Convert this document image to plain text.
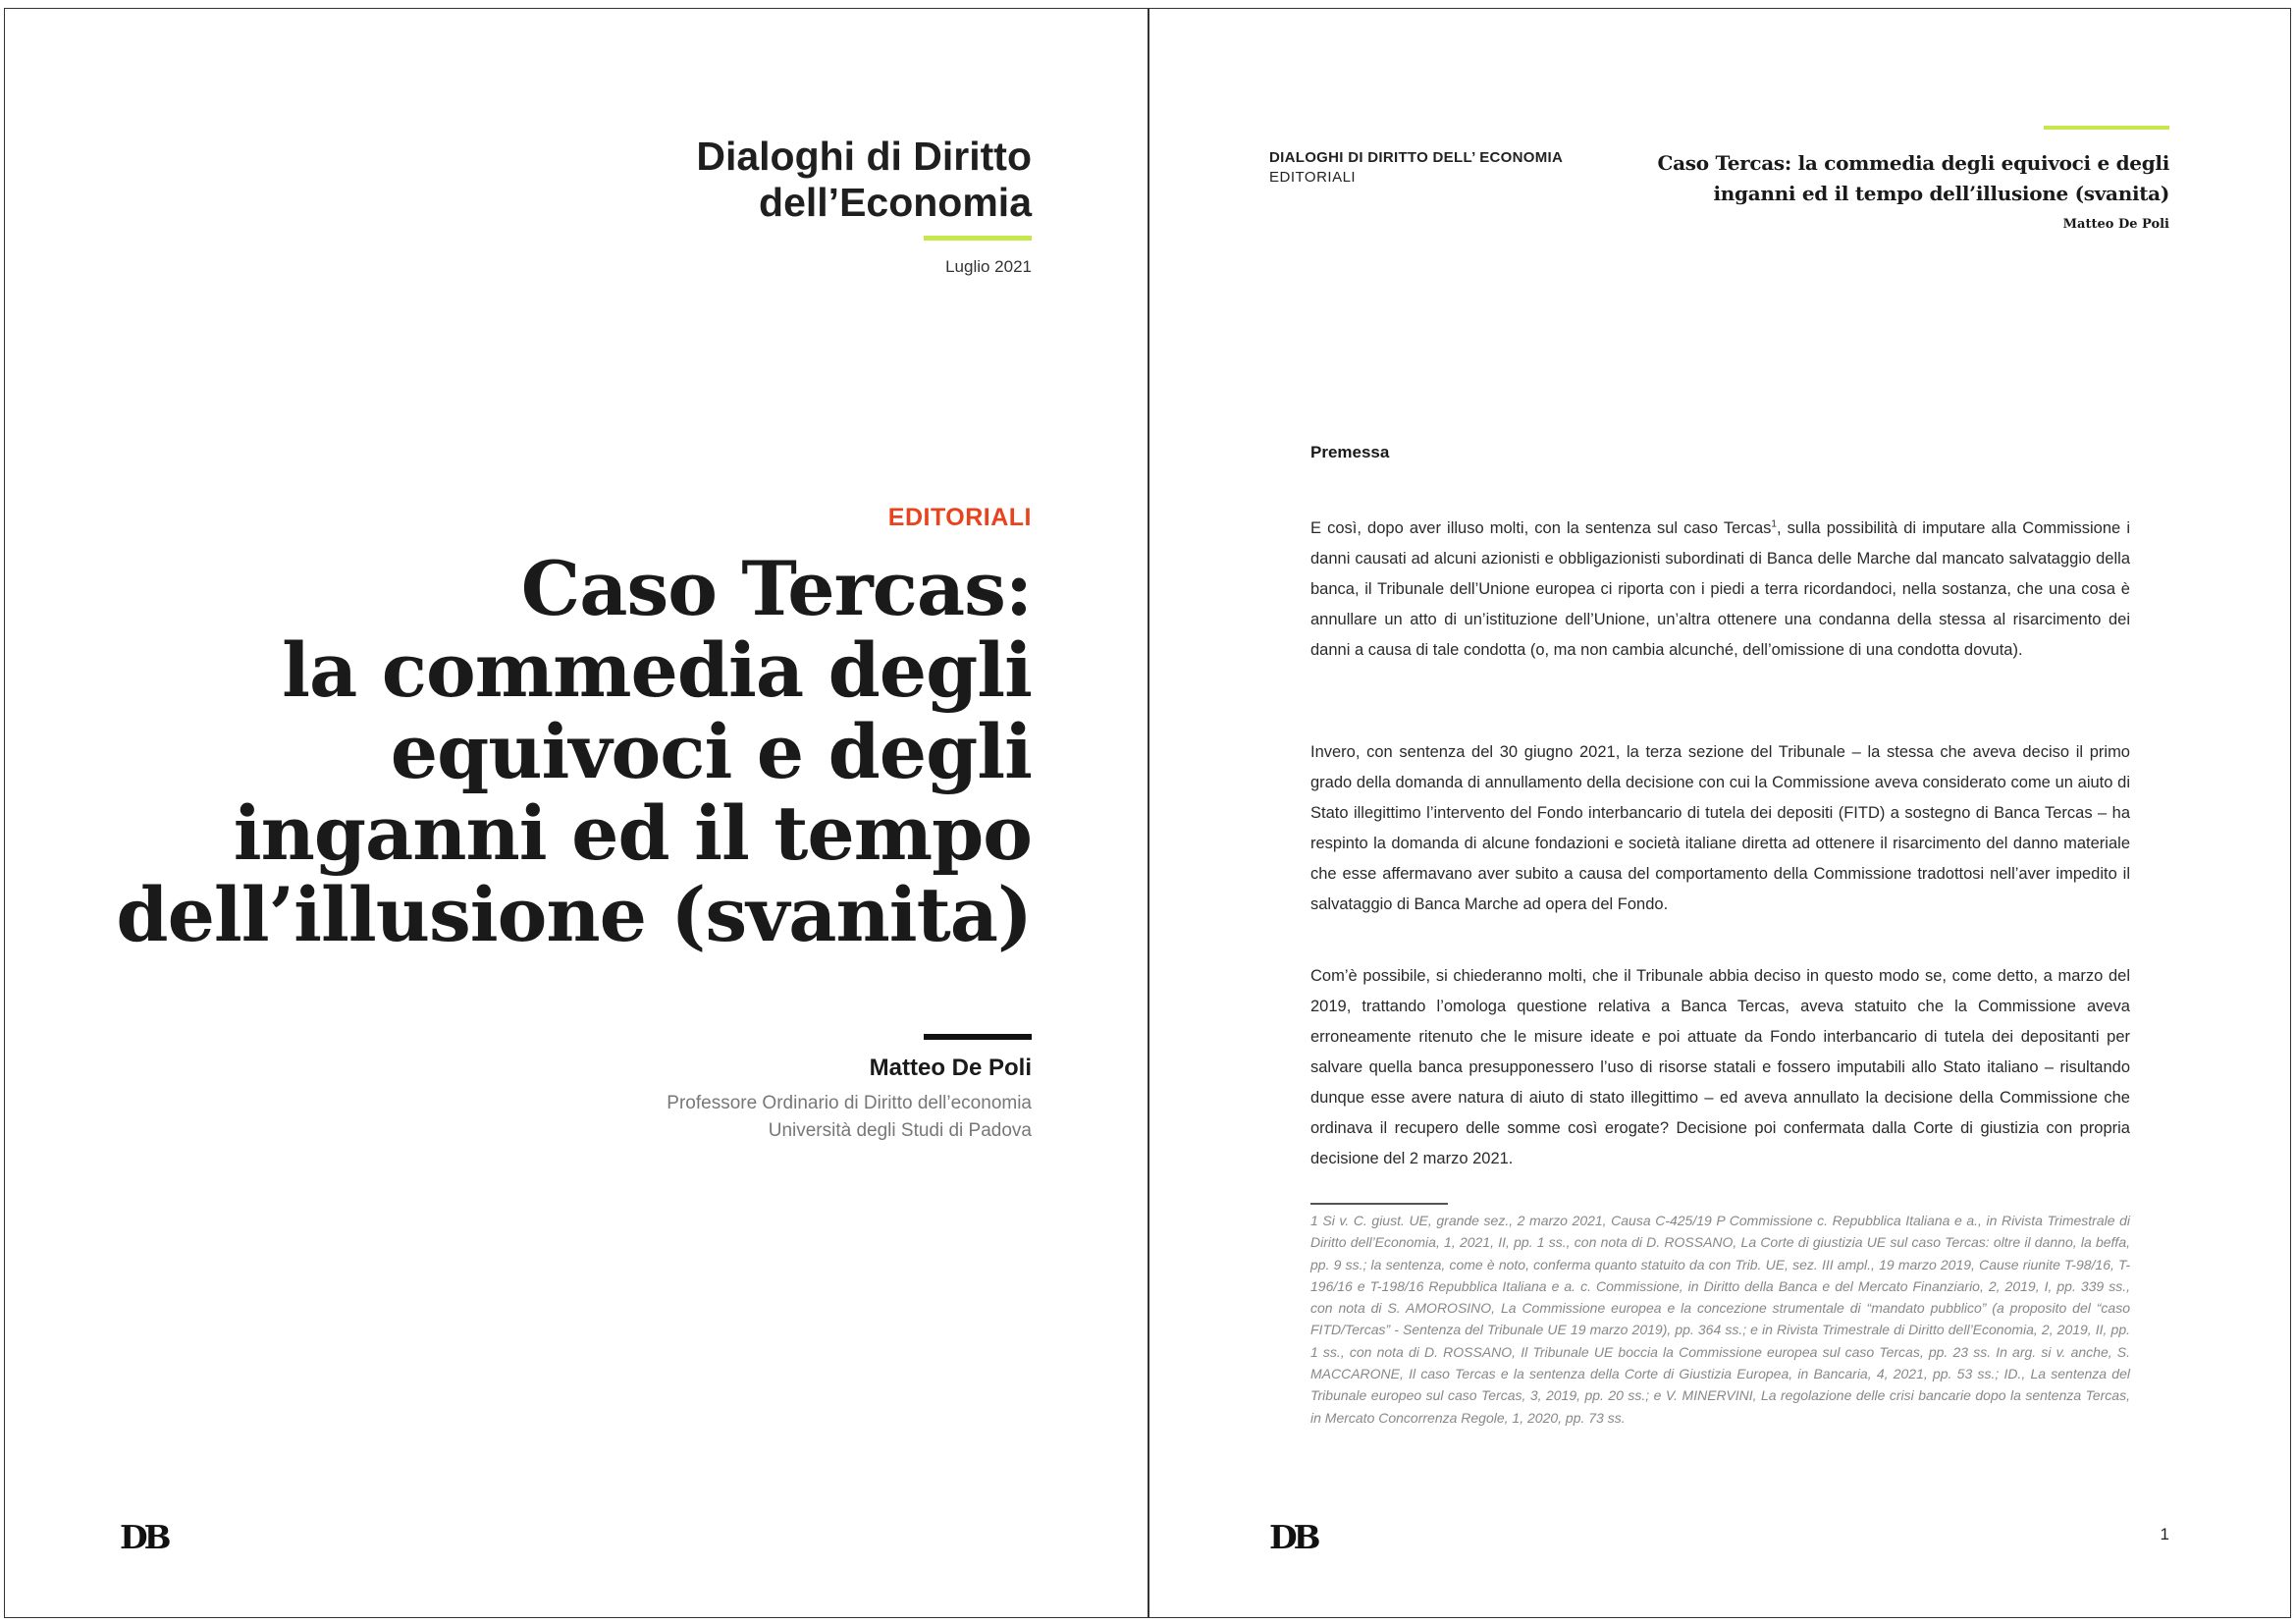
Dialoghi di Diritto
dell’Economia
Luglio 2021
EDITORIALI
Caso Tercas:
la commedia degli
equivoci e degli
inganni ed il tempo
dell’illusione (svanita)
Matteo De Poli
Professore Ordinario di Diritto dell’economia
Università degli Studi di Padova
DB
DIALOGHI DI DIRITTO DELL’ ECONOMIA
EDITORIALI
Caso Tercas: la commedia degli equivoci e degli
inganni ed il tempo dell’illusione (svanita)
Matteo De Poli
Premessa
E così, dopo aver illuso molti, con la sentenza sul caso Tercas$^1$, sulla possibilità di imputare alla Commissione i danni causati ad alcuni azionisti e obbligazionisti subordinati di Banca delle Marche dal mancato salvataggio della banca, il Tribunale dell’Unione europea ci riporta con i piedi a terra ricordandoci, nella sostanza, che una cosa è annullare un atto di un’istituzione dell’Unione, un’altra ottenere una condanna della stessa al risarcimento dei danni a causa di tale condotta (o, ma non cambia alcunché, dell’omissione di una condotta dovuta).
Invero, con sentenza del 30 giugno 2021, la terza sezione del Tribunale – la stessa che aveva deciso il primo grado della domanda di annullamento della decisione con cui la Commissione aveva considerato come un aiuto di Stato illegittimo l’intervento del Fondo interbancario di tutela dei depositi (FITD) a sostegno di Banca Tercas – ha respinto la domanda di alcune fondazioni e società italiane diretta ad ottenere il risarcimento del danno materiale che esse affermavano aver subito a causa del comportamento della Commissione tradottosi nell’aver impedito il salvataggio di Banca Marche ad opera del Fondo.
Com’è possibile, si chiederanno molti, che il Tribunale abbia deciso in questo modo se, come detto, a marzo del 2019, trattando l’omologa questione relativa a Banca Tercas, aveva statuito che la Commissione aveva erroneamente ritenuto che le misure ideate e poi attuate da Fondo interbancario di tutela dei depositanti per salvare quella banca presupponessero l’uso di risorse statali e fossero imputabili allo Stato italiano – risultando dunque esse avere natura di aiuto di stato illegittimo – ed aveva annullato la decisione della Commissione che ordinava il recupero delle somme così erogate? Decisione poi confermata dalla Corte di giustizia con propria decisione del 2 marzo 2021.
1 Si v. C. giust. UE, grande sez., 2 marzo 2021, Causa C-425/19 P Commissione c. Repubblica Italiana e a., in Rivista Trimestrale di Diritto dell’Economia, 1, 2021, II, pp. 1 ss., con nota di D. ROSSANO, La Corte di giustizia UE sul caso Tercas: oltre il danno, la beffa, pp. 9 ss.; la sentenza, come è noto, conferma quanto statuito da con Trib. UE, sez. III ampl., 19 marzo 2019, Cause riunite T-98/16, T-196/16 e T-198/16 Repubblica Italiana e a. c. Commissione, in Diritto della Banca e del Mercato Finanziario, 2, 2019, I, pp. 339 ss., con nota di S. AMOROSINO, La Commissione europea e la concezione strumentale di “mandato pubblico” (a proposito del “caso FITD/Tercas” - Sentenza del Tribunale UE 19 marzo 2019), pp. 364 ss.; e in Rivista Trimestrale di Diritto dell’Economia, 2, 2019, II, pp. 1 ss., con nota di D. ROSSANO, Il Tribunale UE boccia la Commissione europea sul caso Tercas, pp. 23 ss. In arg. si v. anche, S. MACCARONE, Il caso Tercas e la sentenza della Corte di Giustizia Europea, in Bancaria, 4, 2021, pp. 53 ss.; ID., La sentenza del Tribunale europeo sul caso Tercas, 3, 2019, pp. 20 ss.; e V. MINERVINI, La regolazione delle crisi bancarie dopo la sentenza Tercas, in Mercato Concorrenza Regole, 1, 2020, pp. 73 ss.
DB	1
